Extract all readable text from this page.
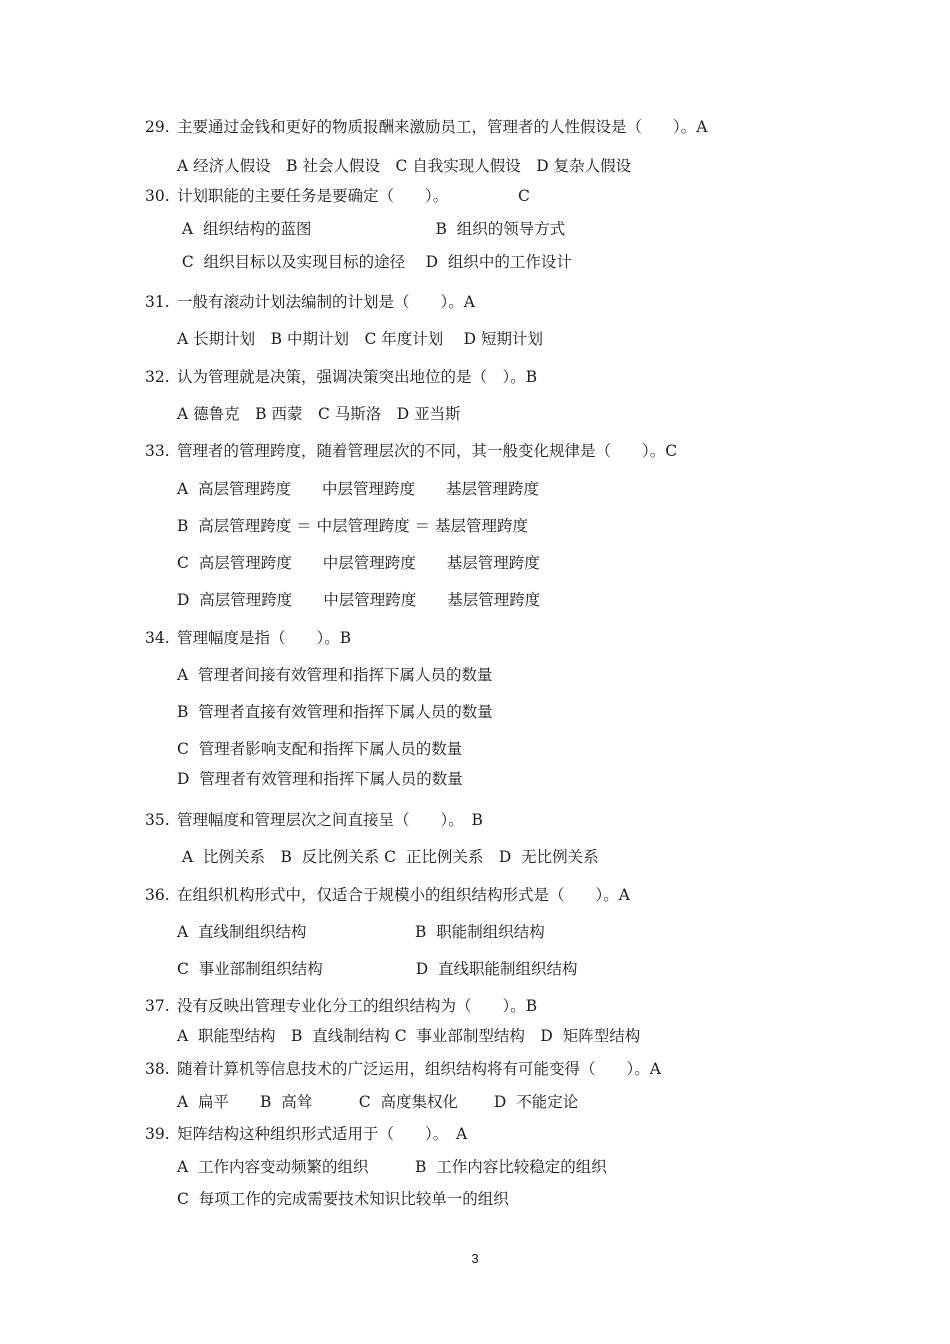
29. 主要通过金钱和更好的物质报酬来激励员工，管理者的人性假设是（　　）。A
A 经济人假设　B 社会人假设　C 自我实现人假设　D 复杂人假设
30. 计划职能的主要任务是要确定（　　）。　　　　　C
A  组织结构的蓝图　　　　　　　　B  组织的领导方式
C  组织目标以及实现目标的途径　 D  组织中的工作设计
31. 一般有滚动计划法编制的计划是（　　）。A
A 长期计划　B 中期计划　C 年度计划　 D 短期计划
32. 认为管理就是决策，强调决策突出地位的是（　）。B
A 德鲁克　B 西蒙　C 马斯洛　D 亚当斯
33. 管理者的管理跨度，随着管理层次的不同，其一般变化规律是（　　）。C
A  高层管理跨度　　中层管理跨度　　基层管理跨度
B  高层管理跨度 ＝ 中层管理跨度 ＝ 基层管理跨度
C  高层管理跨度　　中层管理跨度　　基层管理跨度
D  高层管理跨度　　中层管理跨度　　基层管理跨度
34. 管理幅度是指（　　）。B
A  管理者间接有效管理和指挥下属人员的数量
B  管理者直接有效管理和指挥下属人员的数量
C  管理者影响支配和指挥下属人员的数量
D  管理者有效管理和指挥下属人员的数量
35. 管理幅度和管理层次之间直接呈（　　）。　B
A  比例关系　B  反比例关系 C  正比例关系　D  无比例关系
36. 在组织机构形式中，仅适合于规模小的组织结构形式是（　　）。A
A  直线制组织结构　　　　　　　B  职能制组织结构
C  事业部制组织结构　　　　　　D  直线职能制组织结构
37. 没有反映出管理专业化分工的组织结构为（　　）。B
A  职能型结构　B  直线制结构 C  事业部制型结构　D  矩阵型结构
38. 随着计算机等信息技术的广泛运用，组织结构将有可能变得（　　）。A
A  扁平　　B  高耸　　　C  高度集权化　　 D  不能定论
39. 矩阵结构这种组织形式适用于（　　）。　A
A  工作内容变动频繁的组织　　　B  工作内容比较稳定的组织
C  每项工作的完成需要技术知识比较单一的组织
3
